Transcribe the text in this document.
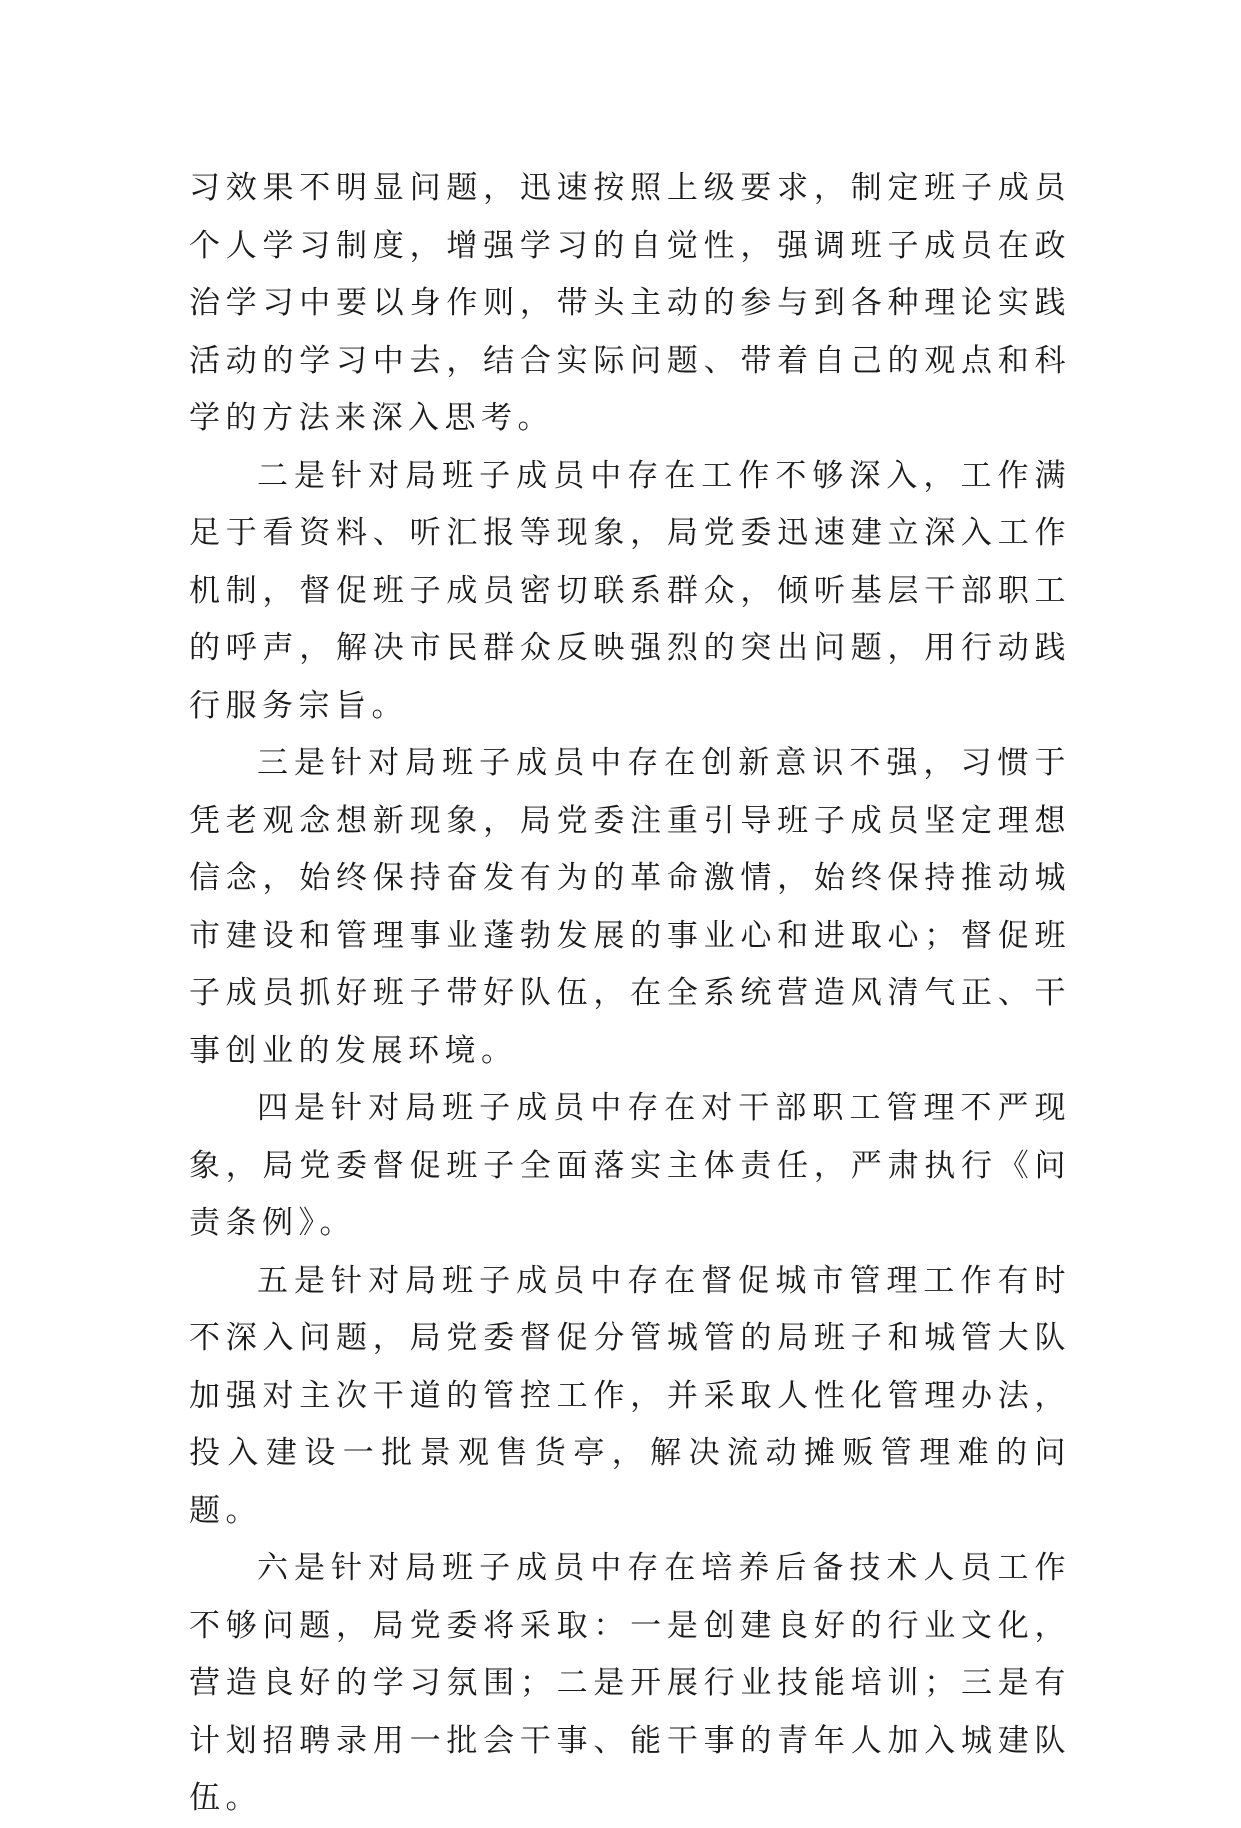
习效果不明显问题，迅速按照上级要求，制定班子成员个人学习制度，增强学习的自觉性，强调班子成员在政治学习中要以身作则，带头主动的参与到各种理论实践活动的学习中去，结合实际问题、带着自己的观点和科学的方法来深入思考。

二是针对局班子成员中存在工作不够深入，工作满足于看资料、听汇报等现象，局党委迅速建立深入工作机制，督促班子成员密切联系群众，倾听基层干部职工的呼声，解决市民群众反映强烈的突出问题，用行动践行服务宗旨。

三是针对局班子成员中存在创新意识不强，习惯于凭老观念想新现象，局党委注重引导班子成员坚定理想信念，始终保持奋发有为的革命激情，始终保持推动城市建设和管理事业蓬勃发展的事业心和进取心；督促班子成员抓好班子带好队伍，在全系统营造风清气正、干事创业的发展环境。

四是针对局班子成员中存在对干部职工管理不严现象，局党委督促班子全面落实主体责任，严肃执行《问责条例》。

五是针对局班子成员中存在督促城市管理工作有时不深入问题，局党委督促分管城管的局班子和城管大队加强对主次干道的管控工作，并采取人性化管理办法，投入建设一批景观售货亭，解决流动摊贩管理难的问题。

六是针对局班子成员中存在培养后备技术人员工作不够问题，局党委将采取：一是创建良好的行业文化，营造良好的学习氛围；二是开展行业技能培训；三是有计划招聘录用一批会干事、能干事的青年人加入城建队伍。
